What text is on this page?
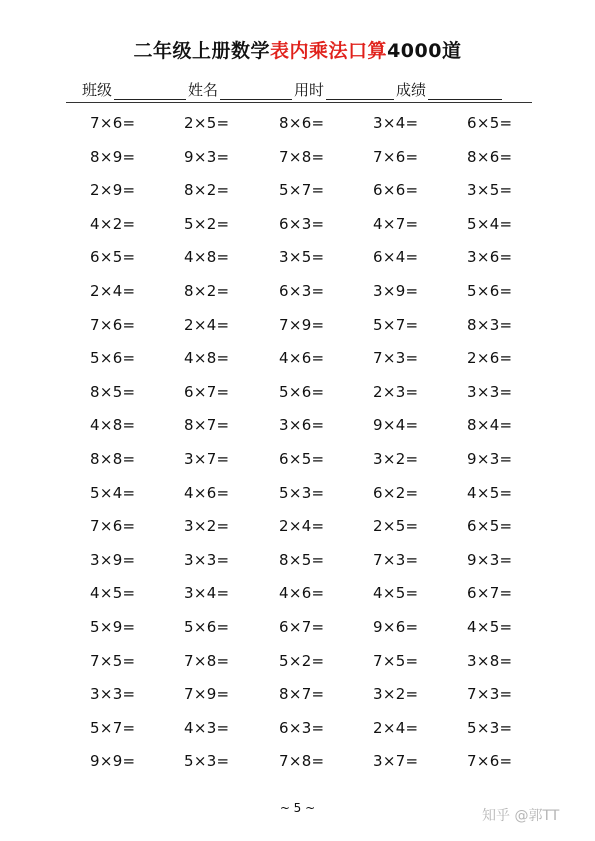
二年级上册数学表内乘法口算4000道
班级	姓名	用时	成绩
7×6=	2×5=	8×6=	3×4=	6×5=
8×9=	9×3=	7×8=	7×6=	8×6=
2×9=	8×2=	5×7=	6×6=	3×5=
4×2=	5×2=	6×3=	4×7=	5×4=
6×5=	4×8=	3×5=	6×4=	3×6=
2×4=	8×2=	6×3=	3×9=	5×6=
7×6=	2×4=	7×9=	5×7=	8×3=
5×6=	4×8=	4×6=	7×3=	2×6=
8×5=	6×7=	5×6=	2×3=	3×3=
4×8=	8×7=	3×6=	9×4=	8×4=
8×8=	3×7=	6×5=	3×2=	9×3=
5×4=	4×6=	5×3=	6×2=	4×5=
7×6=	3×2=	2×4=	2×5=	6×5=
3×9=	3×3=	8×5=	7×3=	9×3=
4×5=	3×4=	4×6=	4×5=	6×7=
5×9=	5×6=	6×7=	9×6=	4×5=
7×5=	7×8=	5×2=	7×5=	3×8=
3×3=	7×9=	8×7=	3×2=	7×3=
5×7=	4×3=	6×3=	2×4=	5×3=
9×9=	5×3=	7×8=	3×7=	7×6=
~ 5 ~	知乎 @郭TT
